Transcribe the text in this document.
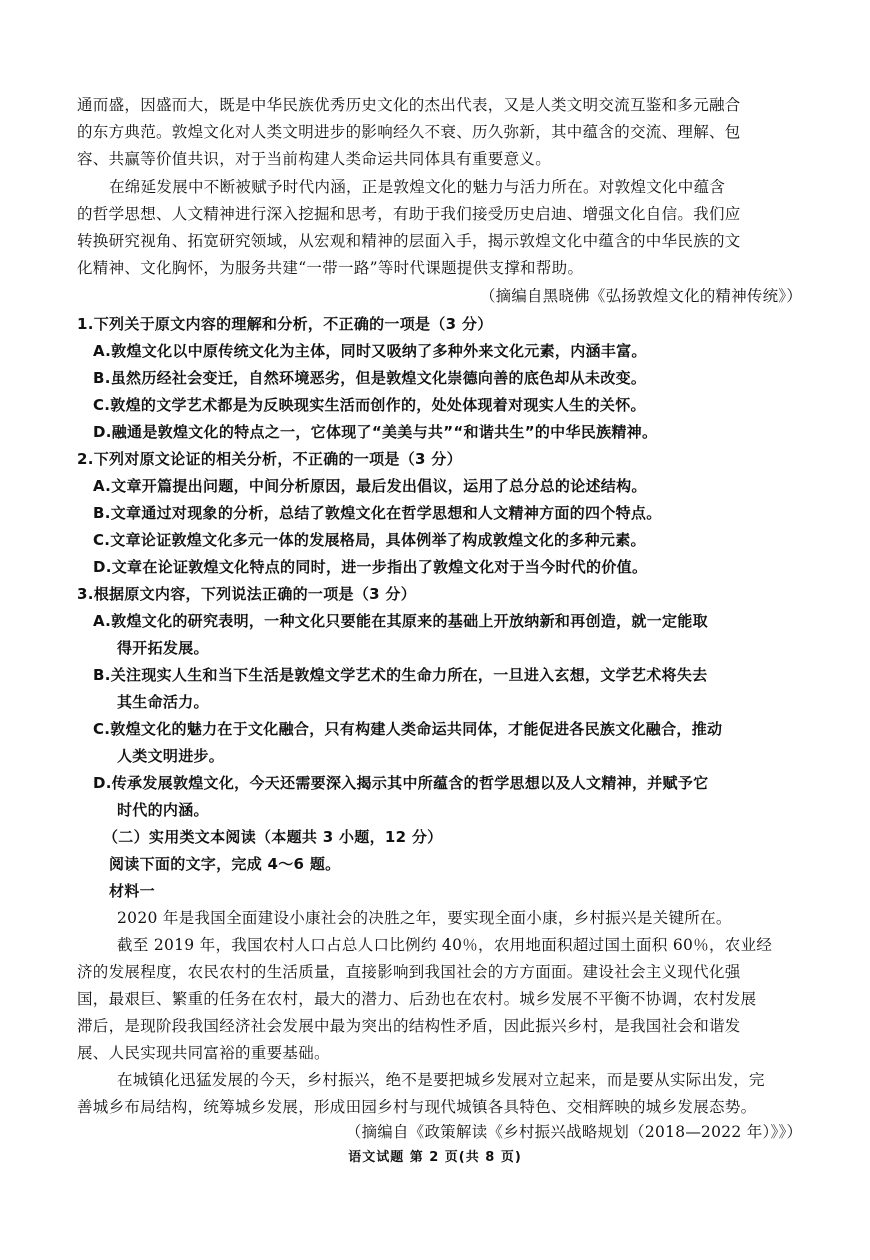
通而盛，因盛而大，既是中华民族优秀历史文化的杰出代表，又是人类文明交流互鉴和多元融合
的东方典范。敦煌文化对人类文明进步的影响经久不衰、历久弥新，其中蕴含的交流、理解、包
容、共赢等价值共识，对于当前构建人类命运共同体具有重要意义。
在绵延发展中不断被赋予时代内涵，正是敦煌文化的魅力与活力所在。对敦煌文化中蕴含
的哲学思想、人文精神进行深入挖掘和思考，有助于我们接受历史启迪、增强文化自信。我们应
转换研究视角、拓宽研究领域，从宏观和精神的层面入手，揭示敦煌文化中蕴含的中华民族的文
化精神、文化胸怀，为服务共建“一带一路”等时代课题提供支撑和帮助。
（摘编自黑晓佛《弘扬敦煌文化的精神传统》）
1.下列关于原文内容的理解和分析，不正确的一项是（3 分）
A.敦煌文化以中原传统文化为主体，同时又吸纳了多种外来文化元素，内涵丰富。
B.虽然历经社会变迁，自然环境恶劣，但是敦煌文化崇德向善的底色却从未改变。
C.敦煌的文学艺术都是为反映现实生活而创作的，处处体现着对现实人生的关怀。
D.融通是敦煌文化的特点之一，它体现了“美美与共”“和谐共生”的中华民族精神。
2.下列对原文论证的相关分析，不正确的一项是（3 分）
A.文章开篇提出问题，中间分析原因，最后发出倡议，运用了总分总的论述结构。
B.文章通过对现象的分析，总结了敦煌文化在哲学思想和人文精神方面的四个特点。
C.文章论证敦煌文化多元一体的发展格局，具体例举了构成敦煌文化的多种元素。
D.文章在论证敦煌文化特点的同时，进一步指出了敦煌文化对于当今时代的价值。
3.根据原文内容，下列说法正确的一项是（3 分）
A.敦煌文化的研究表明，一种文化只要能在其原来的基础上开放纳新和再创造，就一定能取
得开拓发展。
B.关注现实人生和当下生活是敦煌文学艺术的生命力所在，一旦进入玄想，文学艺术将失去
其生命活力。
C.敦煌文化的魅力在于文化融合，只有构建人类命运共同体，才能促进各民族文化融合，推动
人类文明进步。
D.传承发展敦煌文化，今天还需要深入揭示其中所蕴含的哲学思想以及人文精神，并赋予它
时代的内涵。
（二）实用类文本阅读（本题共 3 小题，12 分）
阅读下面的文字，完成 4～6 题。
材料一
2020 年是我国全面建设小康社会的决胜之年，要实现全面小康，乡村振兴是关键所在。
截至 2019 年，我国农村人口占总人口比例约 40％，农用地面积超过国土面积 60％，农业经
济的发展程度，农民农村的生活质量，直接影响到我国社会的方方面面。建设社会主义现代化强
国，最艰巨、繁重的任务在农村，最大的潜力、后劲也在农村。城乡发展不平衡不协调，农村发展
滞后，是现阶段我国经济社会发展中最为突出的结构性矛盾，因此振兴乡村，是我国社会和谐发
展、人民实现共同富裕的重要基础。
在城镇化迅猛发展的今天，乡村振兴，绝不是要把城乡发展对立起来，而是要从实际出发，完
善城乡布局结构，统筹城乡发展，形成田园乡村与现代城镇各具特色、交相辉映的城乡发展态势。
（摘编自《政策解读《乡村振兴战略规划（2018—2022 年）》》）
语文试题 第 2 页(共 8 页)
